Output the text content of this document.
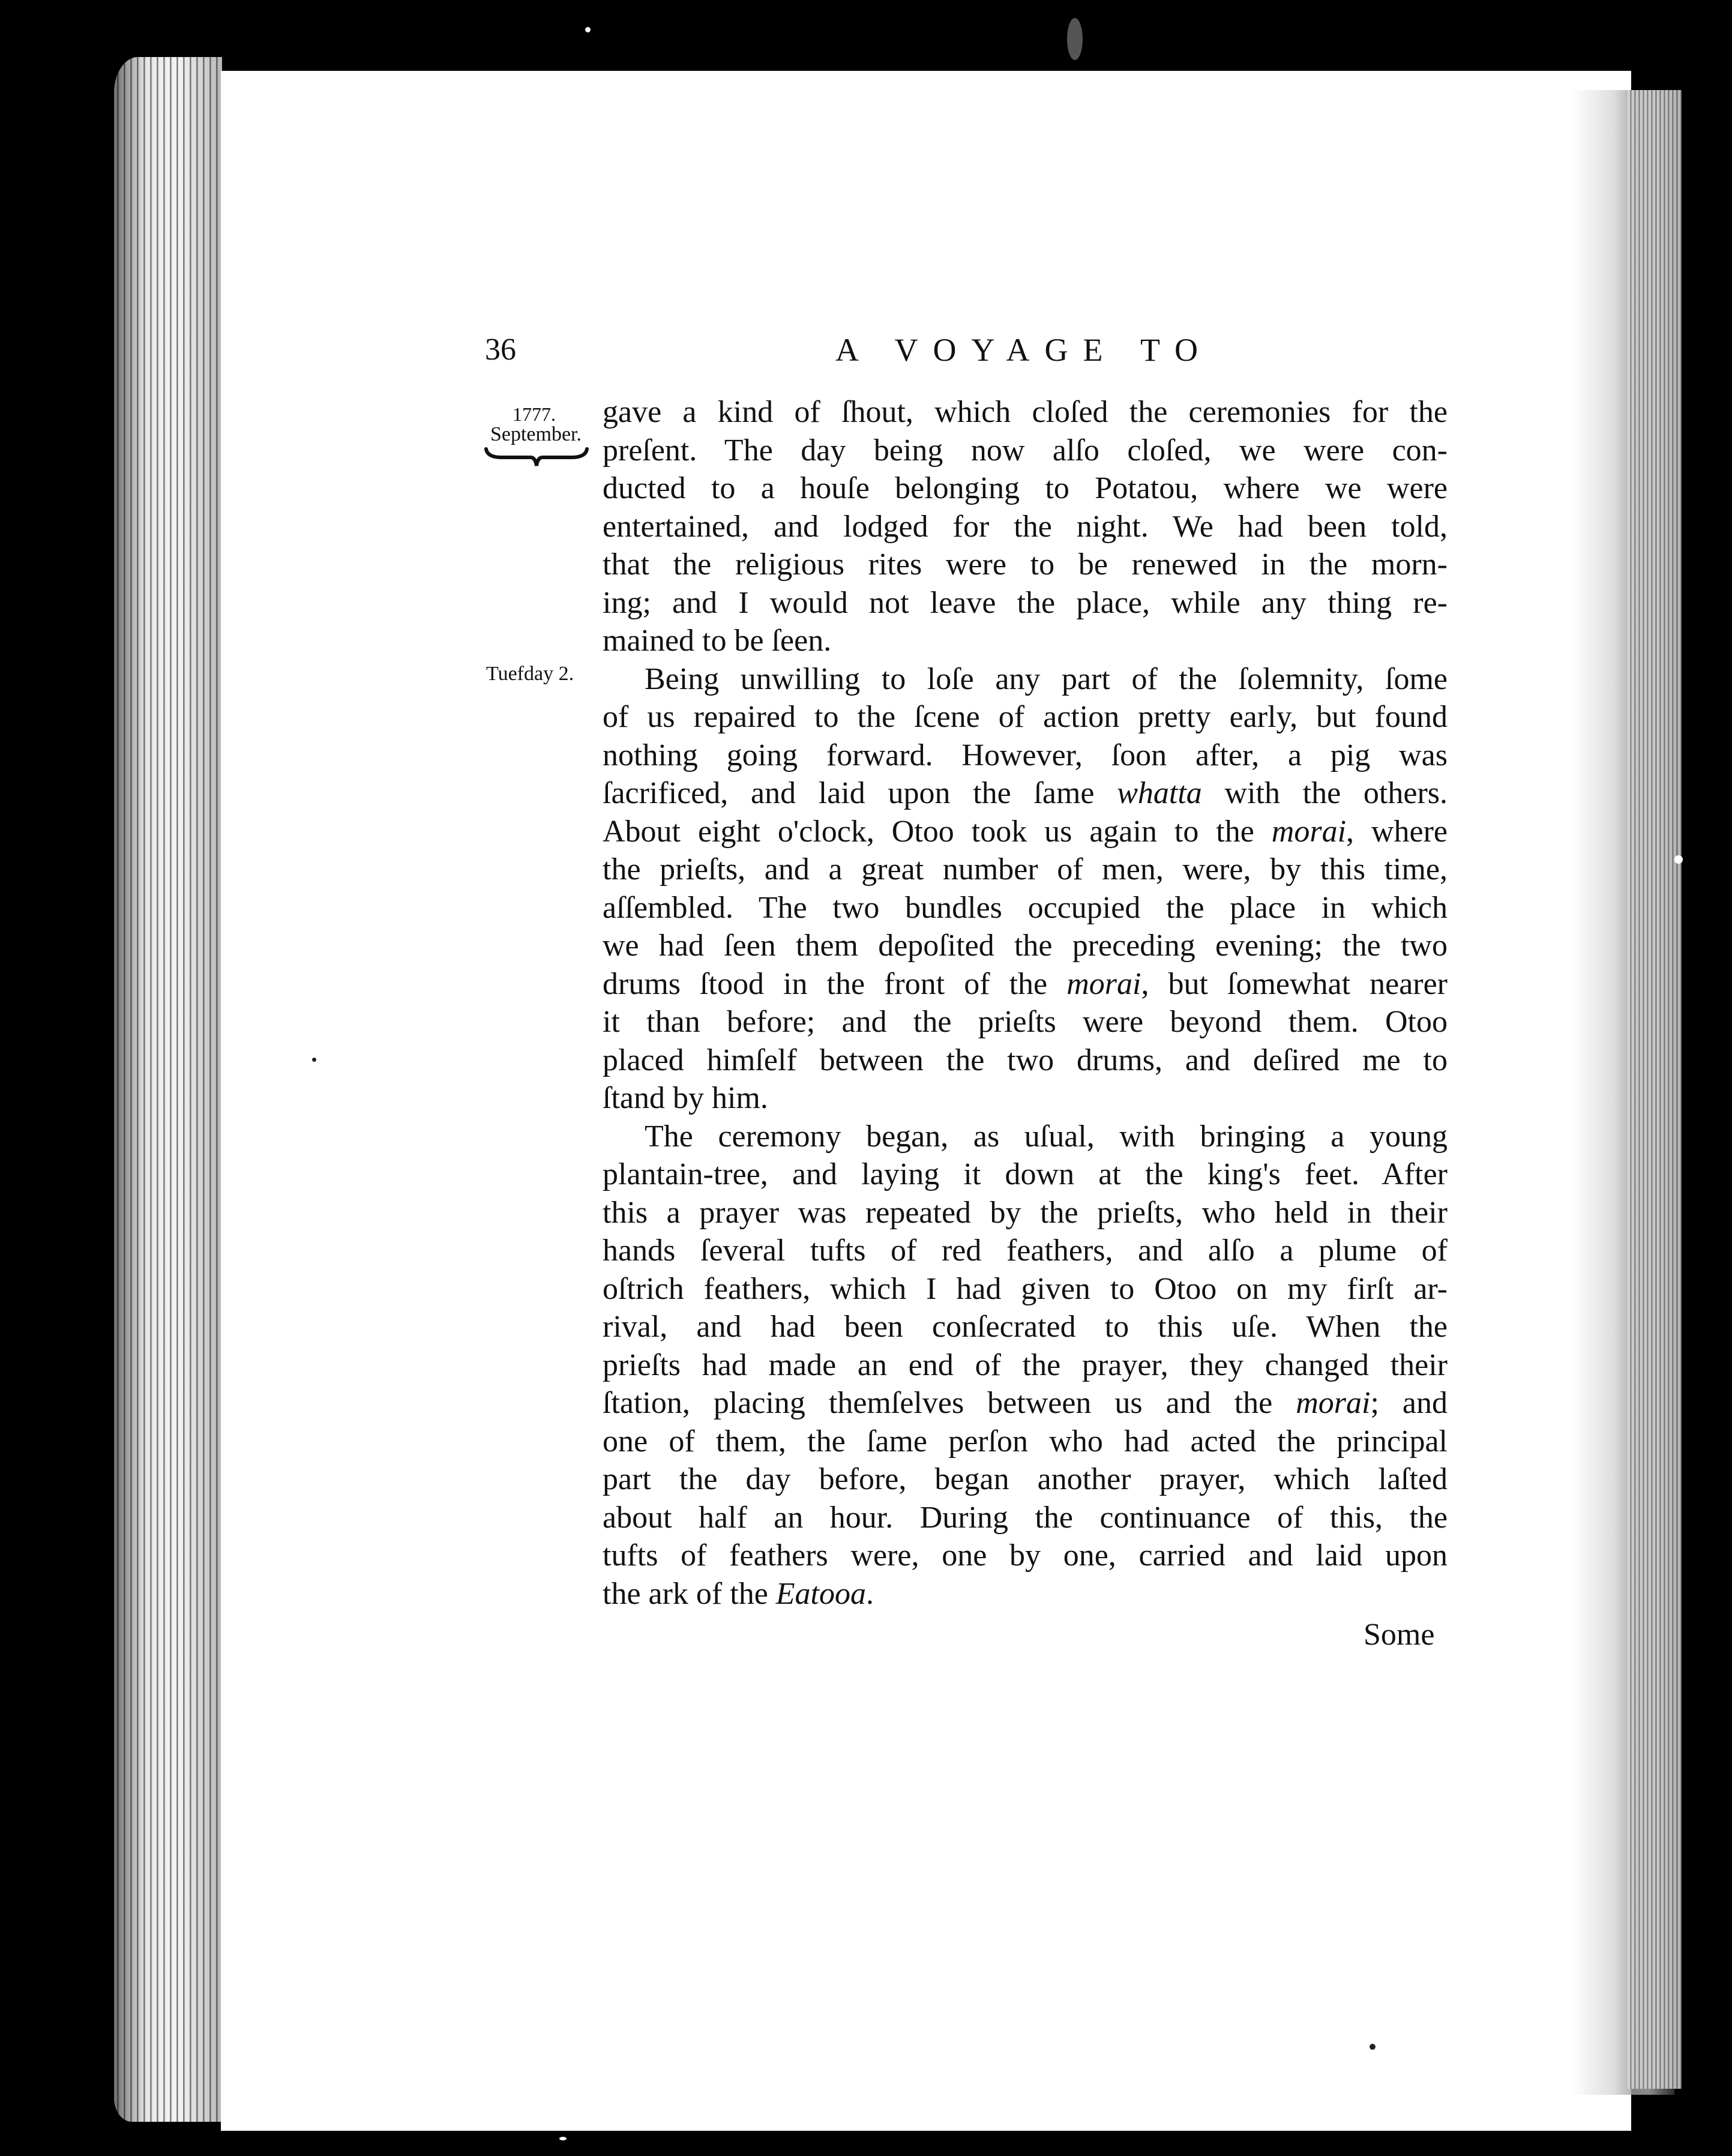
36	A VOYAGE TO
1777.
September.
Tuefday 2.
gave a kind of ſhout, which cloſed the ceremonies for the
preſent. The day being now alſo cloſed, we were con-
ducted to a houſe belonging to Potatou, where we were
entertained, and lodged for the night. We had been told,
that the religious rites were to be renewed in the morn-
ing; and I would not leave the place, while any thing re-
mained to be ſeen.
Being unwilling to loſe any part of the ſolemnity, ſome
of us repaired to the ſcene of action pretty early, but found
nothing going forward. However, ſoon after, a pig was
ſacrificed, and laid upon the ſame whatta with the others.
About eight o'clock, Otoo took us again to the morai, where
the prieſts, and a great number of men, were, by this time,
aſſembled. The two bundles occupied the place in which
we had ſeen them depoſited the preceding evening; the two
drums ſtood in the front of the morai, but ſomewhat nearer
it than before; and the prieſts were beyond them. Otoo
placed himſelf between the two drums, and deſired me to
ſtand by him.
The ceremony began, as uſual, with bringing a young
plantain-tree, and laying it down at the king's feet. After
this a prayer was repeated by the prieſts, who held in their
hands ſeveral tufts of red feathers, and alſo a plume of
oſtrich feathers, which I had given to Otoo on my firſt ar-
rival, and had been conſecrated to this uſe. When the
prieſts had made an end of the prayer, they changed their
ſtation, placing themſelves between us and the morai; and
one of them, the ſame perſon who had acted the principal
part the day before, began another prayer, which laſted
about half an hour. During the continuance of this, the
tufts of feathers were, one by one, carried and laid upon
the ark of the Eatooa.
Some
